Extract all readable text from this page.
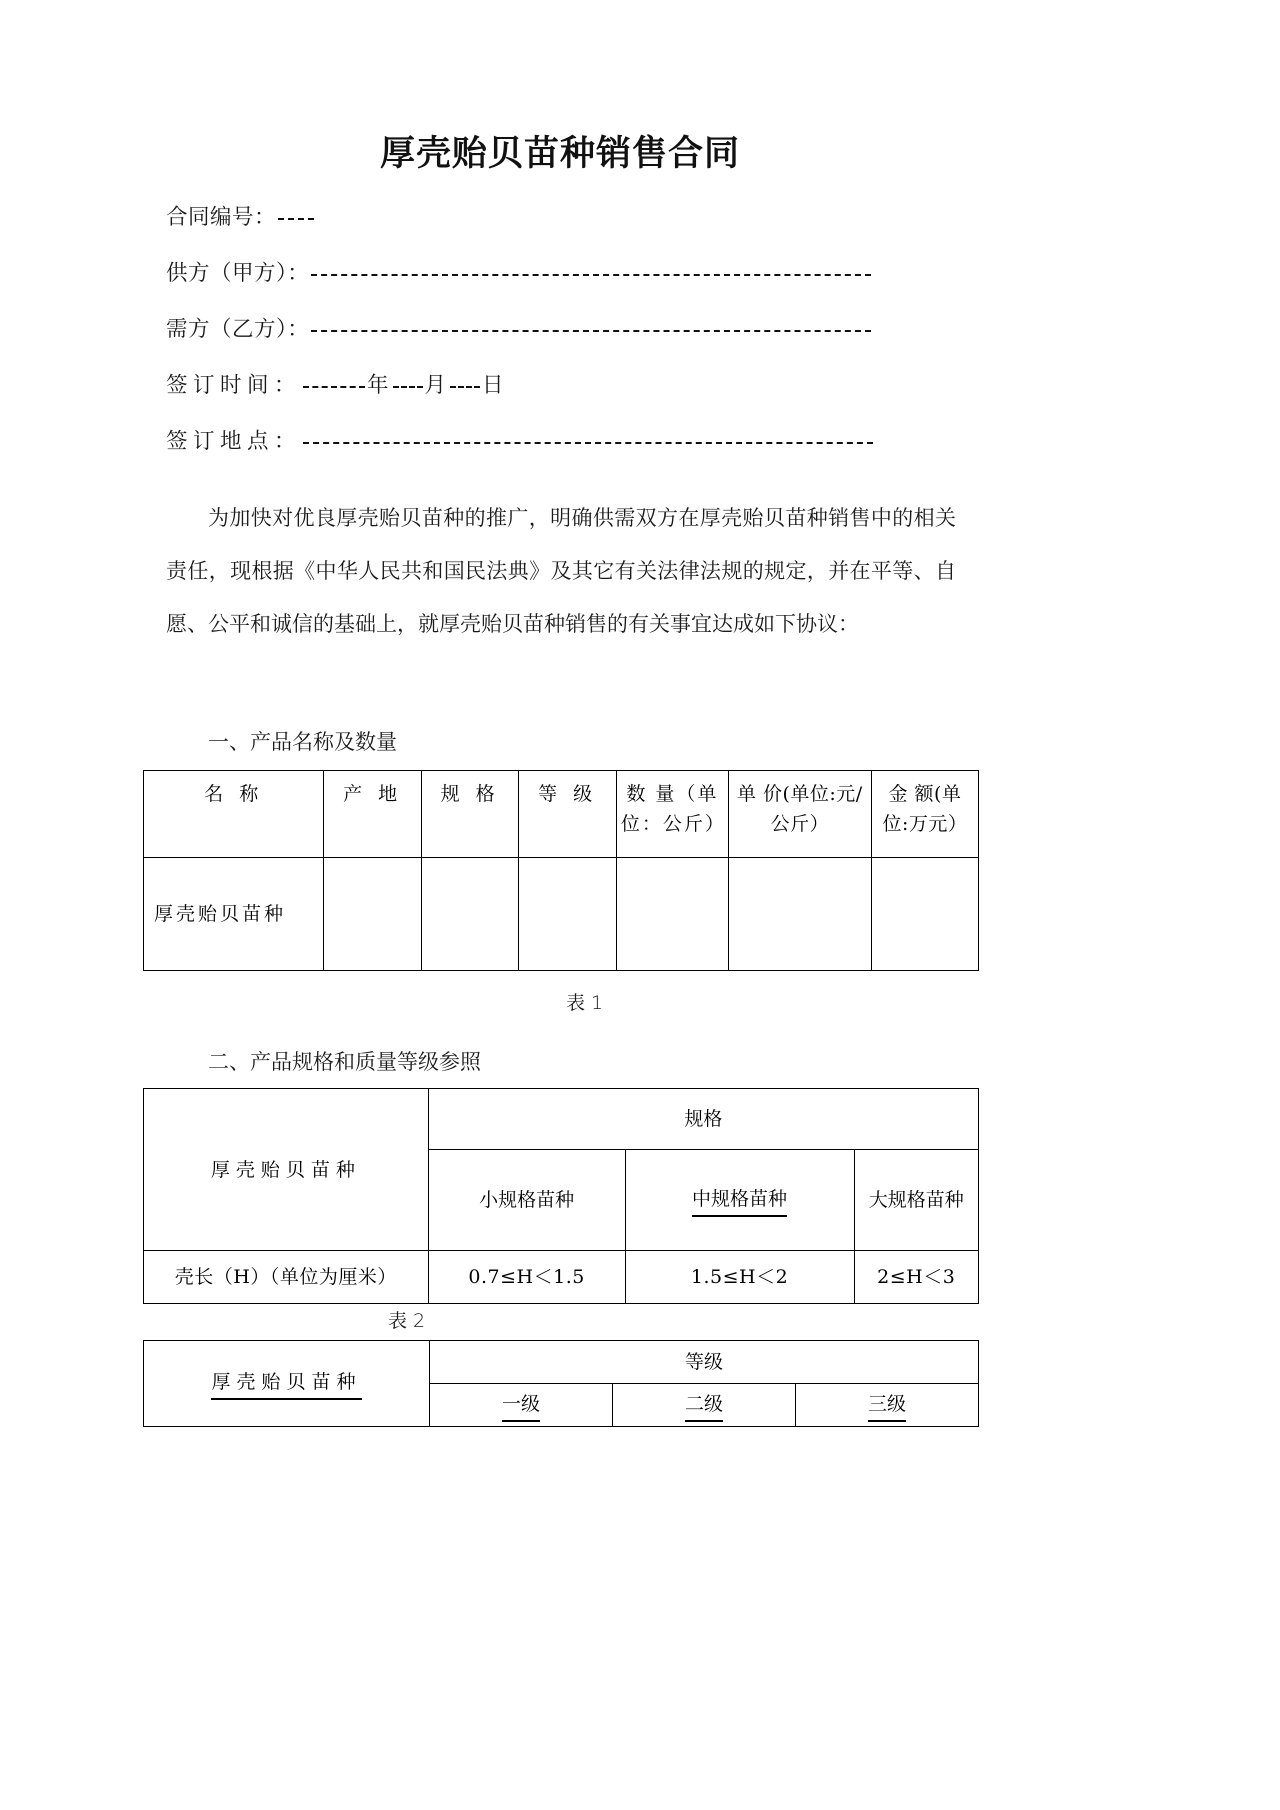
厚壳贻贝苗种销售合同
合同编号：
供方（甲方）：
需方（乙方）：
签订时间：	年 月 日
签订地点：
为加快对优良厚壳贻贝苗种的推广，明确供需双方在厚壳贻贝苗种销售中的相关责任，现根据《中华人民共和国民法典》及其它有关法律法规的规定，并在平等、自愿、公平和诚信的基础上，就厚壳贻贝苗种销售的有关事宜达成如下协议：
一、产品名称及数量
名 称	产 地	规 格	等 级	数 量（单位：公斤）	单 价(单位:元/公斤）	金 额(单位:万元）
厚壳贻贝苗种						
表 1
二、产品规格和质量等级参照
厚壳贻贝苗种	规格		
	小规格苗种	中规格苗种	大规格苗种
壳长（H）（单位为厘米）	0.7≤H＜1.5	1.5≤H＜2	2≤H＜3
表 2
厚壳贻贝苗种	等级		
	一级	二级	三级
